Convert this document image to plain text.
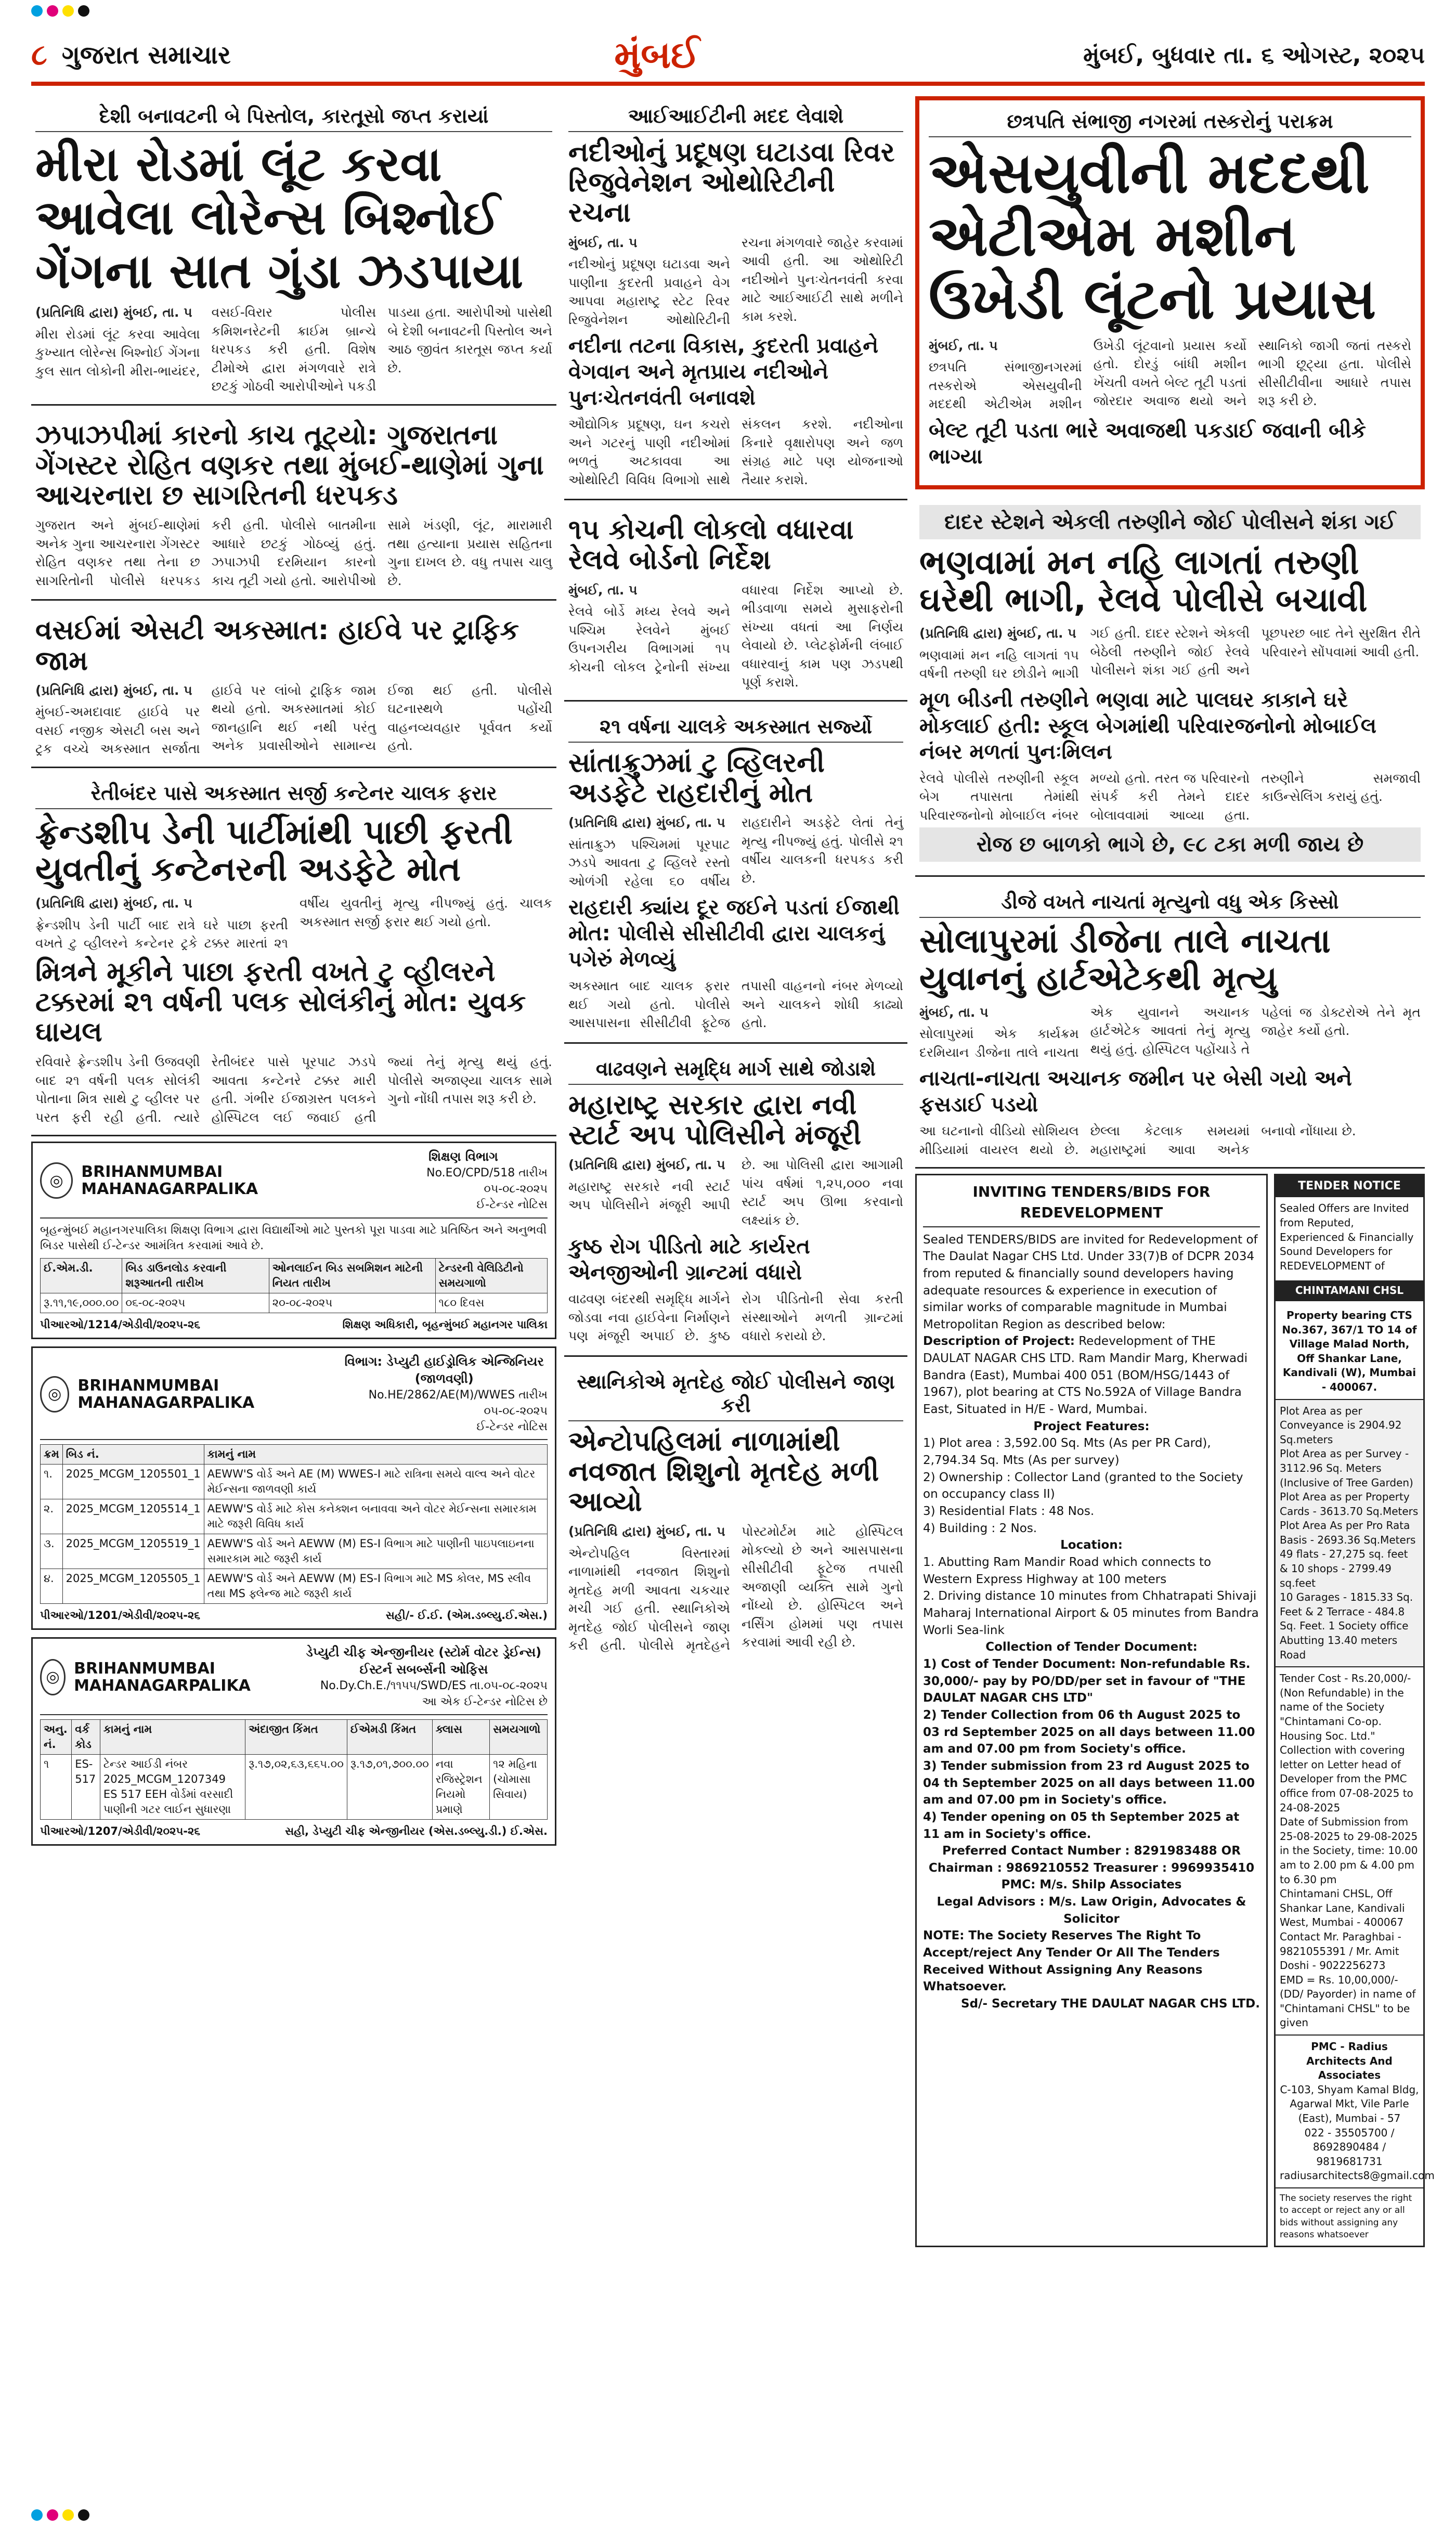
૮ ગુજરાત સમાચાર	મુંબઈ	મુંબઈ, બુધવાર તા. ૬ ઓગસ્ટ, ૨૦૨૫
દેશી બનાવટની બે પિસ્તોલ, કારતૂસો જપ્ત કરાયાં
મીરા રોડમાં લૂંટ કરવા આવેલા લોરેન્સ બિશ્નોઈ ગેંગના સાત ગુંડા ઝડપાયા

(પ્રતિનિધિ દ્વારા) મુંબઈ, તા. ૫

મીરા રોડમાં લૂંટ કરવા આવેલા કુખ્યાત લોરેન્સ બિશ્નોઈ ગેંગના કુલ સાત લોકોની મીરા-ભાયંદર, વસઈ-વિરાર પોલીસ કમિશનરેટની ક્રાઈમ બ્રાન્ચે ધરપકડ કરી હતી. વિશેષ ટીમોએ દ્વારા મંગળવારે રાત્રે છટકું ગોઠવી આરોપીઓને પકડી પાડયા હતા. આરોપીઓ પાસેથી બે દેશી બનાવટની પિસ્તોલ અને આઠ જીવંત કારતૂસ જપ્ત કર્યા છે.

ઝપાઝપીમાં કારનો કાચ તૂટ્યો: ગુજરાતના ગેંગસ્ટર રોહિત વણકર તથા મુંબઈ-થાણેમાં ગુના આચરનારા છ સાગરિતની ધરપકડ

ગુજરાત અને મુંબઈ-થાણેમાં અનેક ગુના આચરનારા ગેંગસ્ટર રોહિત વણકર તથા તેના છ સાગરિતોની પોલીસે ધરપકડ કરી હતી. પોલીસે બાતમીના આધારે છટકું ગોઠવ્યું હતું. ઝપાઝપી દરમિયાન કારનો કાચ તૂટી ગયો હતો. આરોપીઓ સામે ખંડણી, લૂંટ, મારામારી તથા હત્યાના પ્રયાસ સહિતના ગુના દાખલ છે. વધુ તપાસ ચાલુ છે.

વસઈમાં એસટી અકસ્માત: હાઈવે પર ટ્રાફિક જામ

(પ્રતિનિધિ દ્વારા) મુંબઈ, તા. ૫

મુંબઈ-અમદાવાદ હાઈવે પર વસઈ નજીક એસટી બસ અને ટ્રક વચ્ચે અકસ્માત સર્જાતા હાઈવે પર લાંબો ટ્રાફિક જામ થયો હતો. અકસ્માતમાં કોઈ જાનહાનિ થઈ નથી પરંતુ અનેક પ્રવાસીઓને સામાન્ય ઈજા થઈ હતી. પોલીસે ઘટનાસ્થળે પહોંચી વાહનવ્યવહાર પૂર્વવત કર્યો હતો.

રેતીબંદર પાસે અકસ્માત સર્જી કન્ટેનર ચાલક ફરાર
ફ્રેન્ડશીપ ડેની પાર્ટીમાંથી પાછી ફરતી યુવતીનું કન્ટેનરની અડફેટે મોત

(પ્રતિનિધિ દ્વારા) મુંબઈ, તા. ૫

ફ્રેન્ડશીપ ડેની પાર્ટી બાદ રાત્રે ઘરે પાછા ફરતી વખતે ટુ વ્હીલરને કન્ટેનર ટ્રકે ટક્કર મારતાં ૨૧ વર્ષીય યુવતીનું મૃત્યુ નીપજ્યું હતું. ચાલક અકસ્માત સર્જી ફરાર થઈ ગયો હતો.

મિત્રને મૂકીને પાછા ફરતી વખતે ટુ વ્હીલરને ટક્કરમાં ૨૧ વર્ષની પલક સોલંકીનું મોત: યુવક ઘાયલ

રવિવારે ફ્રેન્ડશીપ ડેની ઉજવણી બાદ ૨૧ વર્ષની પલક સોલંકી પોતાના મિત્ર સાથે ટુ વ્હીલર પર પરત ફરી રહી હતી. ત્યારે રેતીબંદર પાસે પૂરપાટ ઝડપે આવતા કન્ટેનરે ટક્કર મારી હતી. ગંભીર ઈજાગ્રસ્ત પલકને હોસ્પિટલ લઈ જવાઈ હતી જ્યાં તેનું મૃત્યુ થયું હતું. પોલીસે અજાણ્યા ચાલક સામે ગુનો નોંધી તપાસ શરૂ કરી છે.

◎	BRIHANMUMBAI MAHANAGARPALIKA
શિક્ષણ વિભાગ
No.EO/CPD/518 તારીખ ૦૫-૦૮-૨૦૨૫
ઈ-ટેન્ડર નોટિસ

બૃહન્મુંબઈ મહાનગરપાલિકા શિક્ષણ વિભાગ દ્વારા વિદ્યાર્થીઓ માટે પુસ્તકો પૂરા પાડવા માટે પ્રતિષ્ઠિત અને અનુભવી બિડર પાસેથી ઈ-ટેન્ડર આમંત્રિત કરવામાં આવે છે.

ઈ.એમ.ડી.	બિડ ડાઉનલોડ કરવાની શરૂઆતની તારીખ	ઓનલાઈન બિડ સબમિશન માટેની નિયત તારીખ	ટેન્ડરની વેલિડિટીનો સમયગાળો
રૂ.૧૧,૧૯,૦૦૦.૦૦	૦૬-૦૮-૨૦૨૫	૨૦-૦૮-૨૦૨૫	૧૮૦ દિવસ
પીઆરઓ/1214/એડીવી/૨૦૨૫-૨૬	શિક્ષણ અધિકારી, બૃહન્મુંબઈ મહાનગર પાલિકા
◎	BRIHANMUMBAI MAHANAGARPALIKA
વિભાગ: ડેપ્યુટી હાઈડ્રોલિક એન્જિનિયર (જાળવણી)
No.HE/2862/AE(M)/WWES તારીખ ૦૫-૦૮-૨૦૨૫
ઈ-ટેન્ડર નોટિસ
ક્રમ	બિડ નં.	કામનું નામ
૧.	2025_MCGM_1205501_1	AEWW'S વોર્ડ અને AE (M) WWES-I માટે રાત્રિના સમયે વાલ્વ અને વોટર મેઈન્સના જાળવણી કાર્ય
૨.	2025_MCGM_1205514_1	AEWW'S વોર્ડ માટે કોસ કનેક્શન બનાવવા અને વોટર મેઈન્સના સમારકામ માટે જરૂરી વિવિધ કાર્ય
૩.	2025_MCGM_1205519_1	AEWW'S વોર્ડ અને AEWW (M) ES-I વિભાગ માટે પાણીની પાઇપલાઇનના સમારકામ માટે જરૂરી કાર્ય
૪.	2025_MCGM_1205505_1	AEWW'S વોર્ડ અને AEWW (M) ES-I વિભાગ માટે MS કોલર, MS સ્લીવ તથા MS ફ્લેન્જ માટે જરૂરી કાર્ય
પીઆરઓ/1201/એડીવી/૨૦૨૫-૨૬	સહી/- ઈ.ઈ. (એમ.ડબ્લ્યુ.ઈ.એસ.)
◎ BRIHANMUMBAI MAHANAGARPALIKA
ડેપ્યુટી ચીફ એન્જીનીયર (સ્ટોર્મ વોટર ડ્રેઈન્સ) ઈસ્ટર્ન સબર્બ્સની ઓફિસ
No.Dy.Ch.E./૧૧૫૫/SWD/ES તા.૦૫-૦૮-૨૦૨૫
આ એક ઈ-ટેન્ડર નોટિસ છે
અનુ. નં.	વર્ક કોડ	કામનું નામ	અંદાજીત કિંમત	ઈએમડી કિંમત	ક્લાસ	સમયગાળો
૧	ES-517	ટેન્ડર આઈડી નંબર 2025_MCGM_1207349 ES 517 EEH વોર્ડમાં વરસાદી પાણીની ગટર લાઈન સુધારણા	રૂ.૧૭,૦૨,૬૩,૬૬૫.૦૦	રૂ.૧૭,૦૧,૭૦૦.૦૦	નવા રજિસ્ટ્રેશન નિયમો પ્રમાણે	૧૨ મહિના (ચોમાસા સિવાય)
પીઆરઓ/1207/એડીવી/૨૦૨૫-૨૬	સહી, ડેપ્યુટી ચીફ એન્જીનીયર (એસ.ડબ્લ્યુ.ડી.) ઈ.એસ.
આઈઆઈટીની મદદ લેવાશે
નદીઓનું પ્રદૂષણ ઘટાડવા રિવર રિજુવેનેશન ઓથોરિટીની રચના

મુંબઈ, તા. ૫

નદીઓનું પ્રદૂષણ ઘટાડવા અને પાણીના કુદરતી પ્રવાહને વેગ આપવા મહારાષ્ટ્ર સ્ટેટ રિવર રિજુવેનેશન ઓથોરિટીની રચના મંગળવારે જાહેર કરવામાં આવી હતી. આ ઓથોરિટી નદીઓને પુનઃચેતનવંતી કરવા માટે આઈઆઈટી સાથે મળીને કામ કરશે.

નદીના તટના વિકાસ, કુદરતી પ્રવાહને વેગવાન અને મૃતપ્રાય નદીઓને પુનઃચેતનવંતી બનાવશે

ઔદ્યોગિક પ્રદૂષણ, ઘન કચરો અને ગટરનું પાણી નદીઓમાં ભળતું અટકાવવા આ ઓથોરિટી વિવિધ વિભાગો સાથે સંકલન કરશે. નદીઓના કિનારે વૃક્ષારોપણ અને જળ સંગ્રહ માટે પણ યોજનાઓ તૈયાર કરાશે.

૧૫ કોચની લોકલો વધારવા રેલવે બોર્ડનો નિર્દેશ

મુંબઈ, તા. ૫

રેલવે બોર્ડે મધ્ય રેલવે અને પશ્ચિમ રેલવેને મુંબઈ ઉપનગરીય વિભાગમાં ૧૫ કોચની લોકલ ટ્રેનોની સંખ્યા વધારવા નિર્દેશ આપ્યો છે. ભીડવાળા સમયે મુસાફરોની સંખ્યા વધતાં આ નિર્ણય લેવાયો છે. પ્લેટફોર્મની લંબાઈ વધારવાનું કામ પણ ઝડપથી પૂર્ણ કરાશે.

૨૧ વર્ષના ચાલકે અકસ્માત સર્જ્યો
સાંતાક્રુઝમાં ટુ વ્હિલરની અડફેટે રાહદારીનું મોત

(પ્રતિનિધિ દ્વારા) મુંબઈ, તા. ૫

સાંતાક્રુઝ પશ્ચિમમાં પૂરપાટ ઝડપે આવતા ટુ વ્હિલરે રસ્તો ઓળંગી રહેલા ૬૦ વર્ષીય રાહદારીને અડફેટે લેતાં તેનું મૃત્યુ નીપજ્યું હતું. પોલીસે ૨૧ વર્ષીય ચાલકની ધરપકડ કરી છે.

રાહદારી ક્યાંય દૂર જઈને પડતાં ઈજાથી મોત: પોલીસે સીસીટીવી દ્વારા ચાલકનું પગેરું મેળવ્યું

અકસ્માત બાદ ચાલક ફરાર થઈ ગયો હતો. પોલીસે આસપાસના સીસીટીવી ફૂટેજ તપાસી વાહનનો નંબર મેળવ્યો અને ચાલકને શોધી કાઢ્યો હતો.

વાઢવણને સમૃદ્ધિ માર્ગ સાથે જોડાશે
મહારાષ્ટ્ર સરકાર દ્વારા નવી સ્ટાર્ટ અપ પોલિસીને મંજૂરી

(પ્રતિનિધિ દ્વારા) મુંબઈ, તા. ૫

મહારાષ્ટ્ર સરકારે નવી સ્ટાર્ટ અપ પોલિસીને મંજૂરી આપી છે. આ પોલિસી દ્વારા આગામી પાંચ વર્ષમાં ૧,૨૫,૦૦૦ નવા સ્ટાર્ટ અપ ઊભા કરવાનો લક્ષ્યાંક છે.

કુષ્ઠ રોગ પીડિતો માટે કાર્યરત એનજીઓની ગ્રાન્ટમાં વધારો

વાઢવણ બંદરથી સમૃદ્ધિ માર્ગને જોડવા નવા હાઈવેના નિર્માણને પણ મંજૂરી અપાઈ છે. કુષ્ઠ રોગ પીડિતોની સેવા કરતી સંસ્થાઓને મળતી ગ્રાન્ટમાં વધારો કરાયો છે.

સ્થાનિકોએ મૃતદેહ જોઈ પોલીસને જાણ કરી
એન્ટોપહિલમાં નાળામાંથી નવજાત શિશુનો મૃતદેહ મળી આવ્યો

(પ્રતિનિધિ દ્વારા) મુંબઈ, તા. ૫

એન્ટોપહિલ વિસ્તારમાં નાળામાંથી નવજાત શિશુનો મૃતદેહ મળી આવતા ચકચાર મચી ગઈ હતી. સ્થાનિકોએ મૃતદેહ જોઈ પોલીસને જાણ કરી હતી. પોલીસે મૃતદેહને પોસ્ટમોર્ટમ માટે હોસ્પિટલ મોકલ્યો છે અને આસપાસના સીસીટીવી ફૂટેજ તપાસી અજાણી વ્યક્તિ સામે ગુનો નોંધ્યો છે. હોસ્પિટલ અને નર્સિંગ હોમમાં પણ તપાસ કરવામાં આવી રહી છે.

છત્રપતિ સંભાજી નગરમાં તસ્કરોનું પરાક્રમ
એસયુવીની મદદથી એટીએમ મશીન ઉખેડી લૂંટનો પ્રયાસ

મુંબઈ, તા. ૫

છત્રપતિ સંભાજીનગરમાં તસ્કરોએ એસયુવીની મદદથી એટીએમ મશીન ઉખેડી લૂંટવાનો પ્રયાસ કર્યો હતો. દોરડું બાંધી મશીન ખેંચતી વખતે બેલ્ટ તૂટી પડતાં જોરદાર અવાજ થયો અને સ્થાનિકો જાગી જતાં તસ્કરો ભાગી છૂટ્યા હતા. પોલીસે સીસીટીવીના આધારે તપાસ શરૂ કરી છે.

બેલ્ટ તૂટી પડતા ભારે અવાજથી પકડાઈ જવાની બીકે ભાગ્યા
દાદર સ્ટેશને એકલી તરુણીને જોઈ પોલીસને શંકા ગઈ
ભણવામાં મન નહિ લાગતાં તરુણી ઘરેથી ભાગી, રેલવે પોલીસે બચાવી

(પ્રતિનિધિ દ્વારા) મુંબઈ, તા. ૫

ભણવામાં મન નહિ લાગતાં ૧૫ વર્ષની તરુણી ઘર છોડીને ભાગી ગઈ હતી. દાદર સ્ટેશને એકલી બેઠેલી તરુણીને જોઈ રેલવે પોલીસને શંકા ગઈ હતી અને પૂછપરછ બાદ તેને સુરક્ષિત રીતે પરિવારને સોંપવામાં આવી હતી.

મૂળ બીડની તરુણીને ભણવા માટે પાલઘર કાકાને ઘરે મોકલાઈ હતી: સ્કૂલ બેગમાંથી પરિવારજનોનો મોબાઈલ નંબર મળતાં પુનઃમિલન

રેલવે પોલીસે તરુણીની સ્કૂલ બેગ તપાસતા તેમાંથી પરિવારજનોનો મોબાઈલ નંબર મળ્યો હતો. તરત જ પરિવારનો સંપર્ક કરી તેમને દાદર બોલાવવામાં આવ્યા હતા. તરુણીને સમજાવી કાઉન્સેલિંગ કરાયું હતું.

રોજ છ બાળકો ભાગે છે, ૯૮ ટકા મળી જાય છે
ડીજે વખતે નાચતાં મૃત્યુનો વધુ એક કિસ્સો
સોલાપુરમાં ડીજેના તાલે નાચતા યુવાનનું હાર્ટએટેકથી મૃત્યુ

મુંબઈ, તા. ૫

સોલાપુરમાં એક કાર્યક્રમ દરમિયાન ડીજેના તાલે નાચતા એક યુવાનને અચાનક હાર્ટએટેક આવતાં તેનું મૃત્યુ થયું હતું. હોસ્પિટલ પહોંચાડે તે પહેલાં જ ડોક્ટરોએ તેને મૃત જાહેર કર્યો હતો.

નાચતા-નાચતા અચાનક જમીન પર બેસી ગયો અને ફસડાઈ પડયો

આ ઘટનાનો વીડિયો સોશિયલ મીડિયામાં વાયરલ થયો છે. છેલ્લા કેટલાક સમયમાં મહારાષ્ટ્રમાં આવા અનેક બનાવો નોંધાયા છે.

INVITING TENDERS/BIDS FOR REDEVELOPMENT

Sealed TENDERS/BIDS are invited for Redevelopment of The Daulat Nagar CHS Ltd. Under 33(7)B of DCPR 2034 from reputed & financially sound developers having adequate resources & experience in execution of similar works of comparable magnitude in Mumbai Metropolitan Region as described below:

Description of Project: Redevelopment of THE DAULAT NAGAR CHS LTD. Ram Mandir Marg, Kherwadi Bandra (East), Mumbai 400 051 (BOM/HSG/1443 of 1967), plot bearing at CTS No.592A of Village Bandra East, Situated in H/E - Ward, Mumbai.

Project Features:

1) Plot area : 3,592.00 Sq. Mts (As per PR Card), 2,794.34 Sq. Mts (As per survey)

2) Ownership : Collector Land (granted to the Society on occupancy class II)

3) Residential Flats : 48 Nos.

4) Building : 2 Nos.

Location:

1. Abutting Ram Mandir Road which connects to Western Express Highway at 100 meters

2. Driving distance 10 minutes from Chhatrapati Shivaji Maharaj International Airport & 05 minutes from Bandra Worli Sea-link

Collection of Tender Document:

1) Cost of Tender Document: Non-refundable Rs. 30,000/- pay by PO/DD/per set in favour of "THE DAULAT NAGAR CHS LTD"

2) Tender Collection from 06 th August 2025 to 03 rd September 2025 on all days between 11.00 am and 07.00 pm from Society's office.

3) Tender submission from 23 rd August 2025 to 04 th September 2025 on all days between 11.00 am and 07.00 pm in Society's office.

4) Tender opening on 05 th September 2025 at 11 am in Society's office.

Preferred Contact Number : 8291983488 OR Chairman : 9869210552 Treasurer : 9969935410

PMC: M/s. Shilp Associates

Legal Advisors : M/s. Law Origin, Advocates & Solicitor

NOTE: The Society Reserves The Right To Accept/reject Any Tender Or All The Tenders Received Without Assigning Any Reasons Whatsoever.

Sd/- Secretary THE DAULAT NAGAR CHS LTD.

TENDER NOTICE
Sealed Offers are Invited from Reputed, Experienced & Financially Sound Developers for REDEVELOPMENT of
CHINTAMANI CHSL
Property bearing CTS No.367, 367/1 TO 14 of Village Malad North, Off Shankar Lane, Kandivali (W), Mumbai - 400067.

Plot Area as per Conveyance is 2904.92 Sq.meters

Plot Area as per Survey - 3112.96 Sq. Meters (Inclusive of Tree Garden)

Plot Area as per Property Cards - 3613.70 Sq.Meters

Plot Area As per Pro Rata Basis - 2693.36 Sq.Meters

49 flats - 27,275 sq. feet & 10 shops - 2799.49 sq.feet

10 Garages - 1815.33 Sq. Feet & 2 Terrace - 484.8 Sq. Feet. 1 Society office

Abutting 13.40 meters Road

Tender Cost - Rs.20,000/- (Non Refundable) in the name of the Society "Chintamani Co-op. Housing Soc. Ltd." Collection with covering letter on Letter head of Developer from the PMC office from 07-08-2025 to 24-08-2025

Date of Submission from 25-08-2025 to 29-08-2025 in the Society, time: 10.00 am to 2.00 pm & 4.00 pm to 6.30 pm

Chintamani CHSL, Off Shankar Lane, Kandivali West, Mumbai - 400067

Contact Mr. Paraghbai - 9821055391 / Mr. Amit Doshi - 9022256273

EMD = Rs. 10,00,000/- (DD/ Payorder) in name of "Chintamani CHSL" to be given

PMC - Radius Architects And Associates

C-103, Shyam Kamal Bldg, Agarwal Mkt, Vile Parle (East), Mumbai - 57

022 - 35505700 / 8692890484 / 9819681731

radiusarchitects8@gmail.com

The society reserves the right to accept or reject any or all bids without assigning any reasons whatsoever
